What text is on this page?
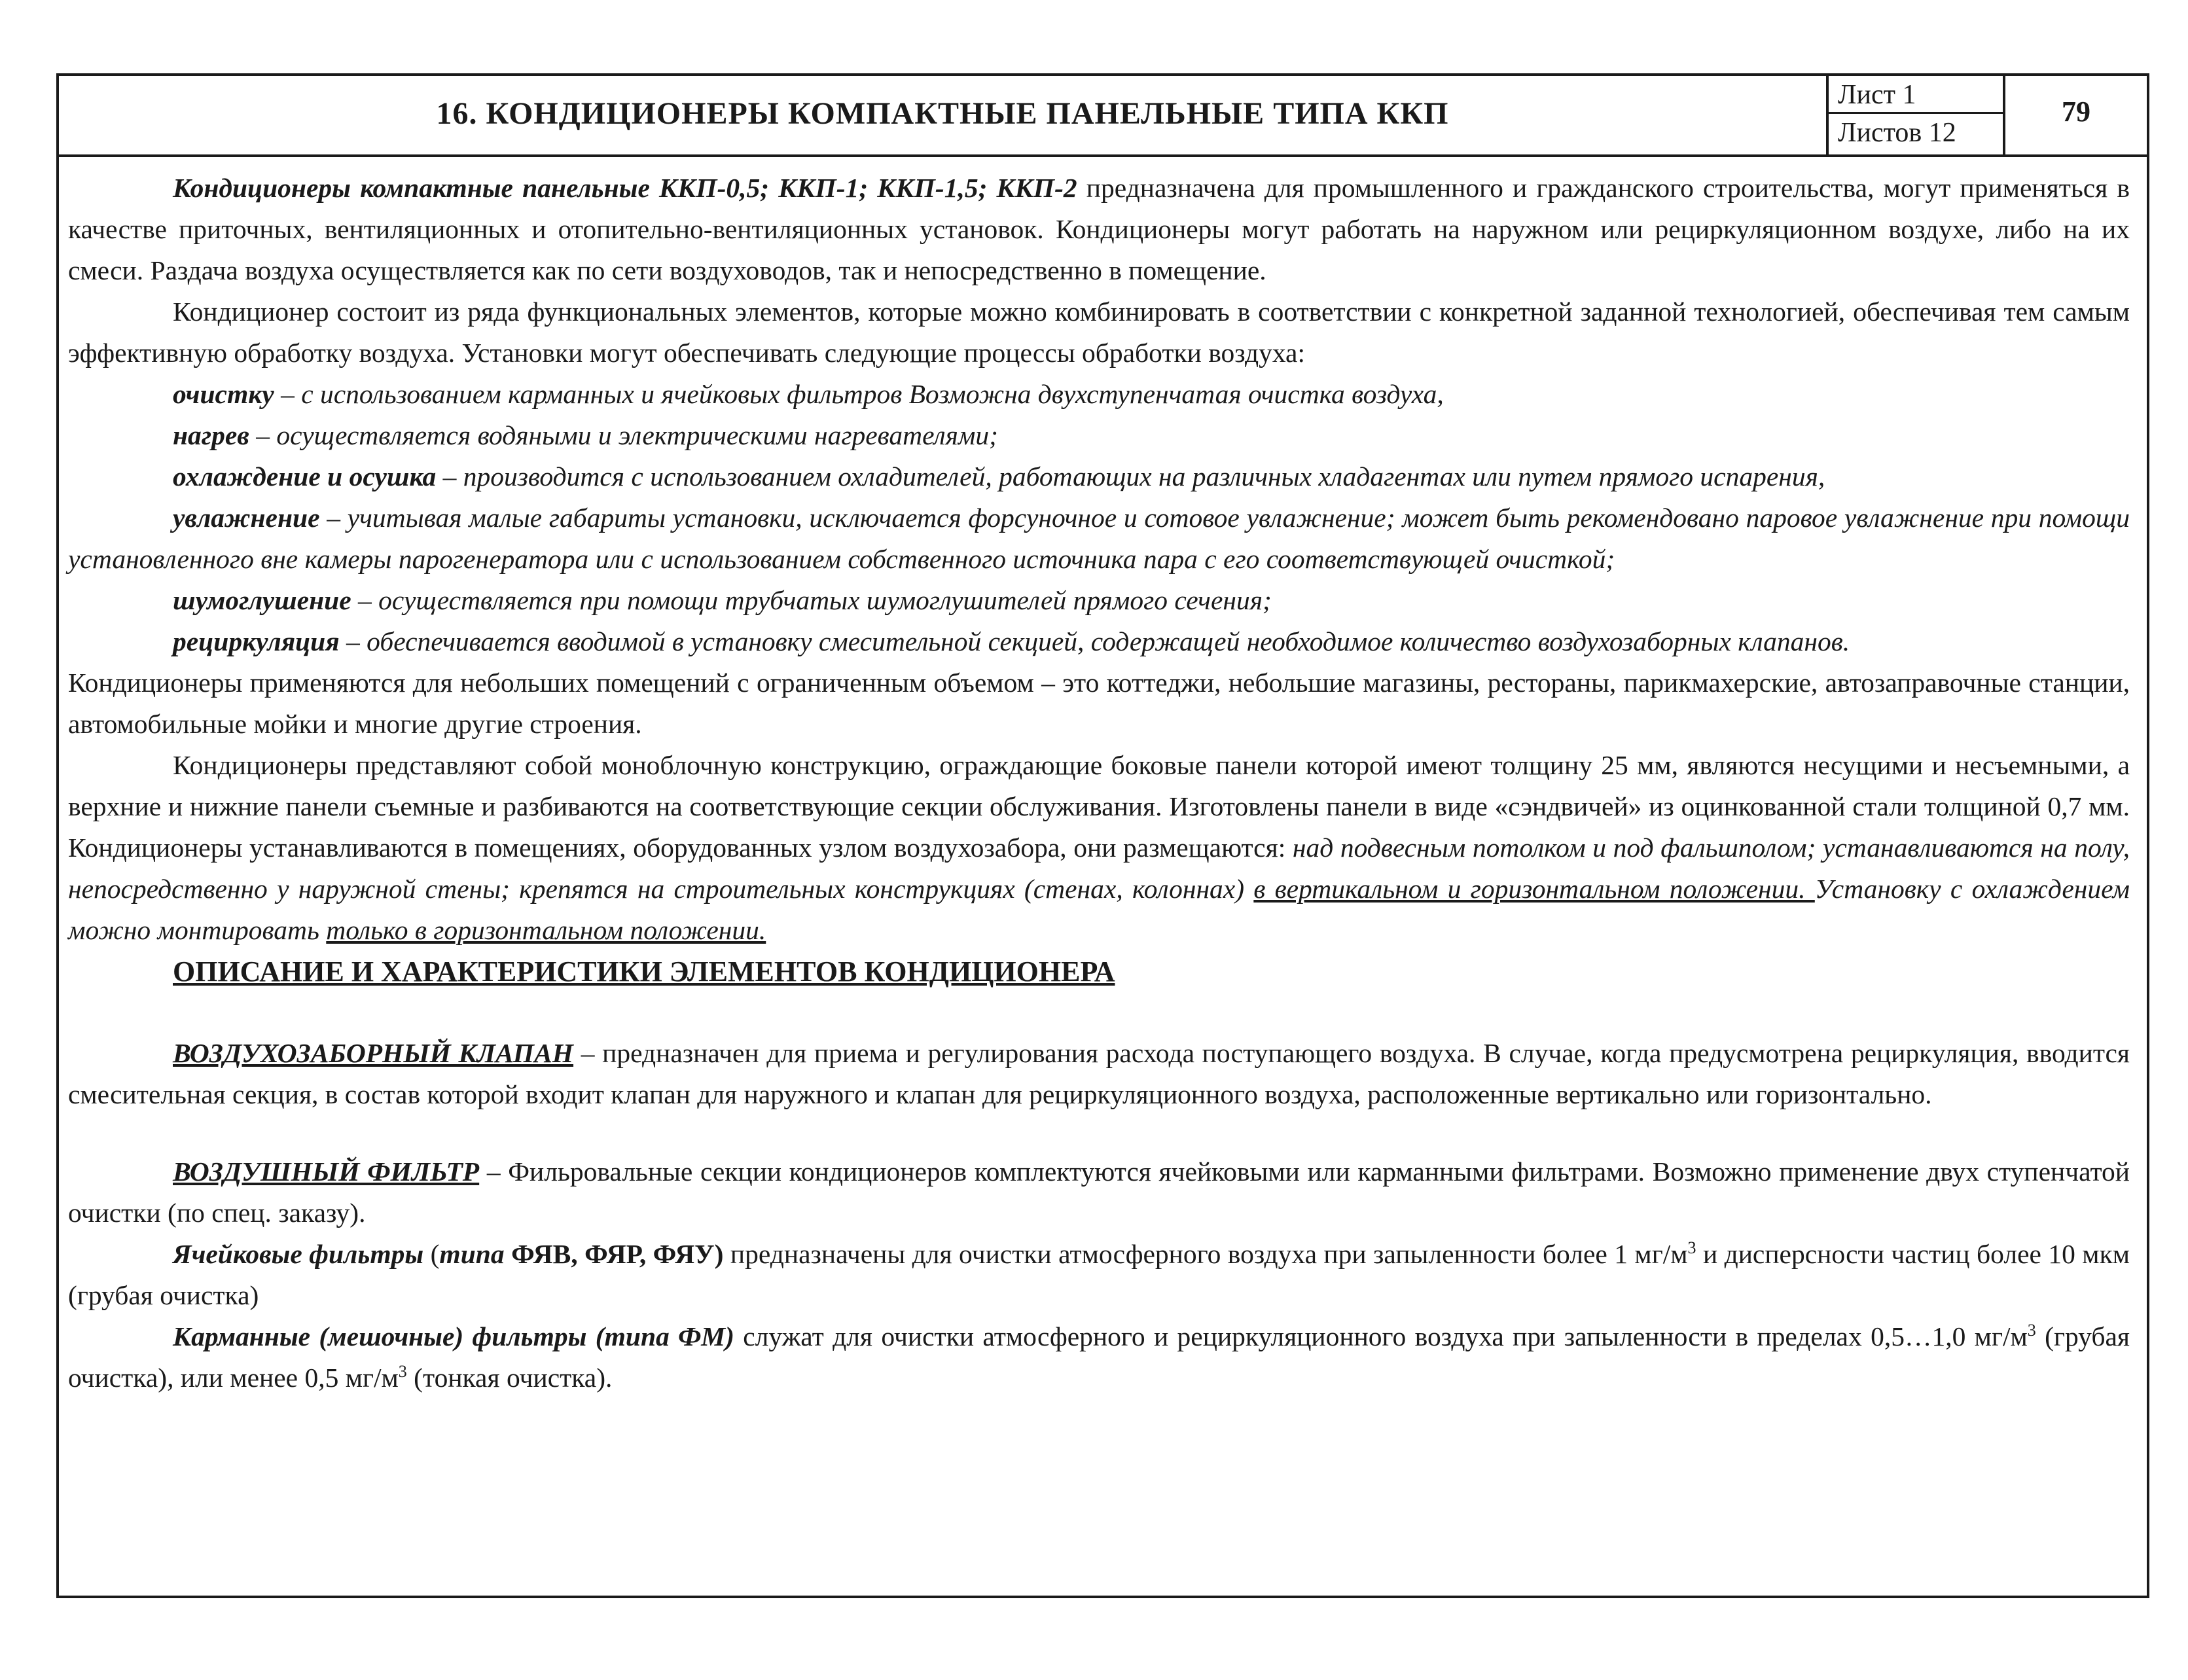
16. КОНДИЦИОНЕРЫ КОМПАКТНЫЕ ПАНЕЛЬНЫЕ ТИПА ККП
Лист 1
Листов 12
79

Кондиционеры компактные панельные ККП-0,5; ККП-1; ККП-1,5; ККП-2 предназначена для промышленного и гражданского строительства, могут применяться в качестве приточных, вентиляционных и отопительно-вентиляционных установок. Кондиционеры могут работать на наружном или рециркуляционном воздухе, либо на их смеси. Раздача воздуха осуществляется как по сети воздуховодов, так и непосредственно в помещение.

Кондиционер состоит из ряда функциональных элементов, которые можно комбинировать в соответствии с конкретной заданной технологией, обеспечивая тем самым эффективную обработку воздуха. Установки могут обеспечивать следующие процессы обработки воздуха:

очистку – с использованием карманных и ячейковых фильтров Возможна двухступенчатая очистка воздуха,

нагрев – осуществляется водяными и электрическими нагревателями;

охлаждение и осушка – производится с использованием охладителей, работающих на различных хладагентах или путем прямого испарения,

увлажнение – учитывая малые габариты установки, исключается форсуночное и сотовое увлажнение; может быть рекомендовано паровое увлажнение при помощи установленного вне камеры парогенератора или с использованием собственного источника пара с его соответствующей очисткой;

шумоглушение – осуществляется при помощи трубчатых шумоглушителей прямого сечения;

рециркуляция – обеспечивается вводимой в установку смесительной секцией, содержащей необходимое количество воздухозаборных клапанов.

Кондиционеры применяются для небольших помещений с ограниченным объемом – это коттеджи, небольшие магазины, рестораны, парикмахерские, автозаправочные станции, автомобильные мойки и многие другие строения.

Кондиционеры представляют собой моноблочную конструкцию, ограждающие боковые панели которой имеют толщину 25 мм, являются несущими и несъемными, а верхние и нижние панели съемные и разбиваются на соответствующие секции обслуживания. Изготовлены панели в виде «сэндвичей» из оцинкованной стали толщиной 0,7 мм. Кондиционеры устанавливаются в помещениях, оборудованных узлом воздухозабора, они размещаются: над подвесным потолком и под фальшполом; устанавливаются на полу, непосредственно у наружной стены; крепятся на строительных конструкциях (стенах, колоннах) в вертикальном и горизонтальном положении. Установку с охлаждением можно монтировать только в горизонтальном положении.

ОПИСАНИЕ И ХАРАКТЕРИСТИКИ ЭЛЕМЕНТОВ КОНДИЦИОНЕРА

ВОЗДУХОЗАБОРНЫЙ КЛАПАН – предназначен для приема и регулирования расхода поступающего воздуха. В случае, когда предусмотрена рециркуляция, вводится смесительная секция, в состав которой входит клапан для наружного и клапан для рециркуляционного воздуха, расположенные вертикально или горизонтально.

ВОЗДУШНЫЙ ФИЛЬТР – Фильровальные секции кондиционеров комплектуются ячейковыми или карманными фильтрами. Возможно применение двух ступенчатой очистки (по спец. заказу).

Ячейковые фильтры (типа ФЯВ, ФЯР, ФЯУ) предназначены для очистки атмосферного воздуха при запыленности более 1 $мг/м^3$ и дисперсности частиц более 10 мкм (грубая очистка)

Карманные (мешочные) фильтры (типа ФМ) служат для очистки атмосферного и рециркуляционного воздуха при запыленности в пределах 0,5…1,0 $мг/м^3$ (грубая очистка), или менее 0,5 $мг/м^3$ (тонкая очистка).
